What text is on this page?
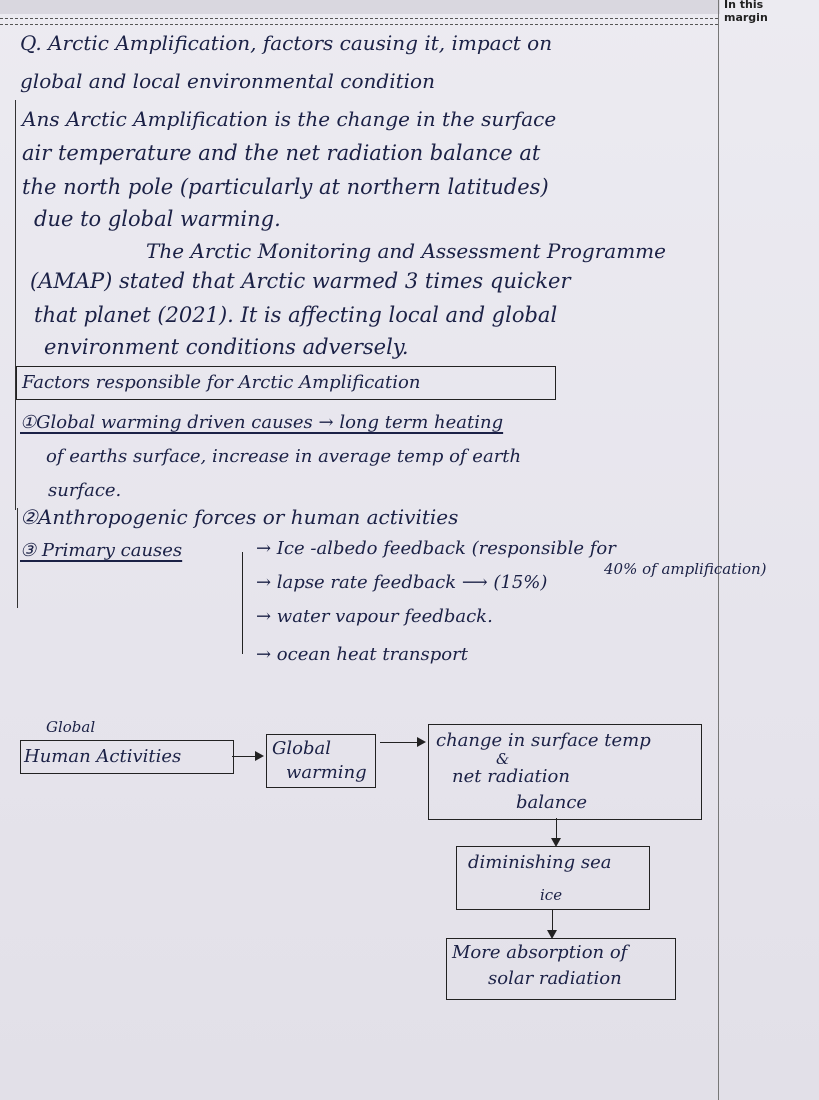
In this
margin
Q. Arctic Amplification, factors causing it, impact on
global and local environmental condition
Ans Arctic Amplification is the change in the surface
air temperature and the net radiation balance at
the north pole (particularly at northern latitudes)
due to global warming.
The Arctic Monitoring and Assessment Programme
(AMAP) stated that Arctic warmed 3 times quicker
that planet (2021). It is affecting local and global
environment conditions adversely.
Factors responsible for Arctic Amplification
①Global warming driven causes → long term heating
of earths surface, increase in average temp of earth
surface.
②Anthropogenic forces or human activities
③ Primary causes	→ Ice -albedo feedback (responsible for
40% of amplification)
→ lapse rate feedback ⟶ (15%)
→ water vapour feedback.
→ ocean heat transport
Global
Human Activities	Global
warming
change in surface temp
&
net radiation
balance
diminishing sea
ice
More absorption of
solar radiation
